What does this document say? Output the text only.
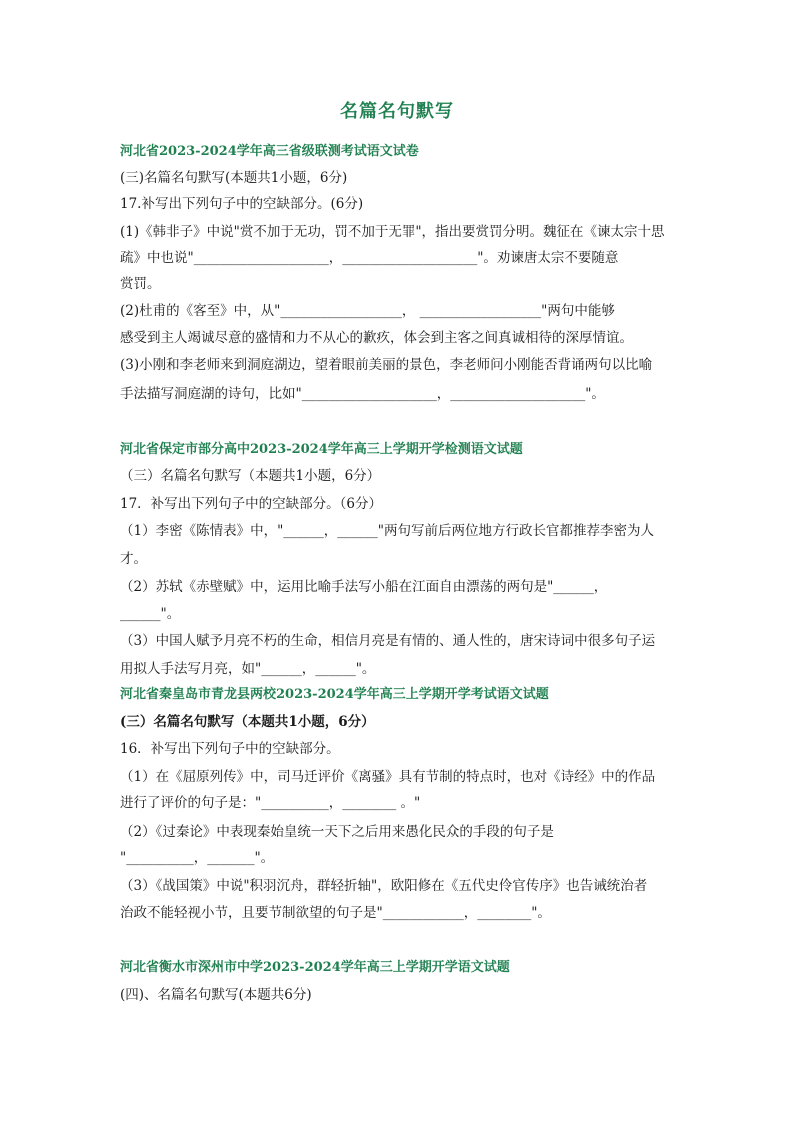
名篇名句默写
河北省2023-2024学年高三省级联测考试语文试卷
(三)名篇名句默写(本题共1小题，6分)
17.补写出下列句子中的空缺部分。(6分)
(1)《韩非子》中说"赏不加于无功，罚不加于无罪"，指出要赏罚分明。魏征在《谏太宗十思
疏》中也说"____________________，____________________"。劝谏唐太宗不要随意
赏罚。
(2)杜甫的《客至》中，从"__________________， __________________"两句中能够
感受到主人竭诚尽意的盛情和力不从心的歉疚，体会到主客之间真诚相待的深厚情谊。
(3)小刚和李老师来到洞庭湖边，望着眼前美丽的景色，李老师问小刚能否背诵两句以比喻
手法描写洞庭湖的诗句，比如"____________________，____________________"。
河北省保定市部分高中2023-2024学年高三上学期开学检测语文试题
（三）名篇名句默写（本题共1小题，6分）
17．补写出下列句子中的空缺部分。（6分）
（1）李密《陈情表》中，"______，______"两句写前后两位地方行政长官都推荐李密为人
才。
（2）苏轼《赤壁赋》中，运用比喻手法写小船在江面自由漂荡的两句是"______，
______"。
（3）中国人赋予月亮不朽的生命，相信月亮是有情的、通人性的，唐宋诗词中很多句子运
用拟人手法写月亮，如"______，______"。
河北省秦皇岛市青龙县两校2023-2024学年高三上学期开学考试语文试题
(三）名篇名句默写（本题共1小题，6分）
16．补写出下列句子中的空缺部分。
（1）在《屈原列传》中，司马迁评价《离骚》具有节制的特点时，也对《诗经》中的作品
进行了评价的句子是："__________，________ 。"
（2）《过秦论》中表现秦始皇统一天下之后用来愚化民众的手段的句子是
"__________，_______"。
（3）《战国策》中说"积羽沉舟，群轻折轴"，欧阳修在《五代史伶官传序》也告诫统治者
治政不能轻视小节，且要节制欲望的句子是"____________，________"。
河北省衡水市深州市中学2023-2024学年高三上学期开学语文试题
(四)、名篇名句默写(本题共6分)
